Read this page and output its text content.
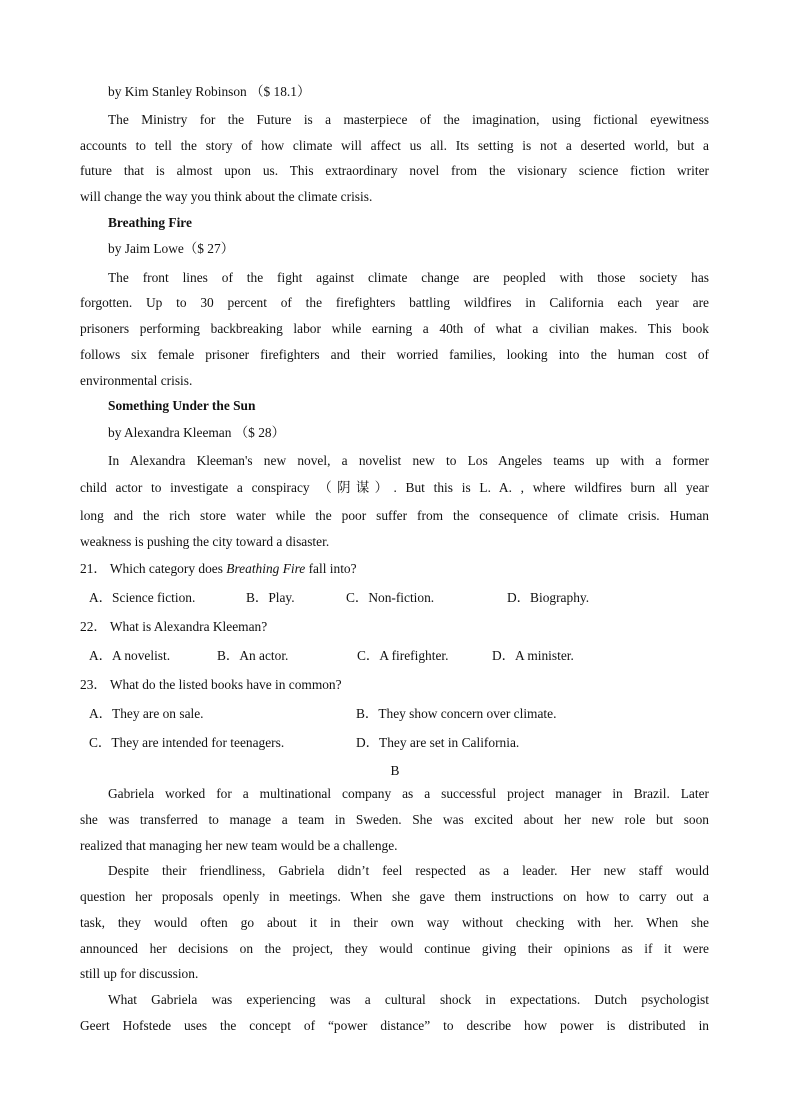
by Kim Stanley Robinson （$ 18.1）
The Ministry for the Future is a masterpiece of the imagination, using fictional eyewitness
accounts to tell the story of how climate will affect us all. Its setting is not a deserted world, but a
future that is almost upon us. This extraordinary novel from the visionary science fiction writer
will change the way you think about the climate crisis.
Breathing Fire
by Jaim Lowe（$ 27）
The front lines of the fight against climate change are peopled with those society has
forgotten. Up to 30 percent of the firefighters battling wildfires in California each year are
prisoners performing backbreaking labor while earning a 40th of what a civilian makes. This book
follows six female prisoner firefighters and their worried families, looking into the human cost of
environmental crisis.
Something Under the Sun
by Alexandra Kleeman （$ 28）
In Alexandra Kleeman's new novel, a novelist new to Los Angeles teams up with a former
child actor to investigate a conspiracy （阴谋）. But this is L. A. , where wildfires burn all year
long and the rich store water while the poor suffer from the consequence of climate crisis. Human
weakness is pushing the city toward a disaster.
21． Which category does Breathing Fire fall into?
A．Science fiction.	B．Play.	C．Non-fiction.	D．Biography.
22． What is Alexandra Kleeman?
A．A novelist.	B．An actor.	C．A firefighter.	D．A minister.
23． What do the listed books have in common?
A．They are on sale.	B．They show concern over climate.
C．They are intended for teenagers.	D．They are set in California.
B
Gabriela worked for a multinational company as a successful project manager in Brazil. Later
she was transferred to manage a team in Sweden. She was excited about her new role but soon
realized that managing her new team would be a challenge.
Despite their friendliness, Gabriela didn’t feel respected as a leader. Her new staff would
question her proposals openly in meetings. When she gave them instructions on how to carry out a
task, they would often go about it in their own way without checking with her. When she
announced her decisions on the project, they would continue giving their opinions as if it were
still up for discussion.
What Gabriela was experiencing was a cultural shock in expectations. Dutch psychologist
Geert Hofstede uses the concept of “power distance” to describe how power is distributed in
